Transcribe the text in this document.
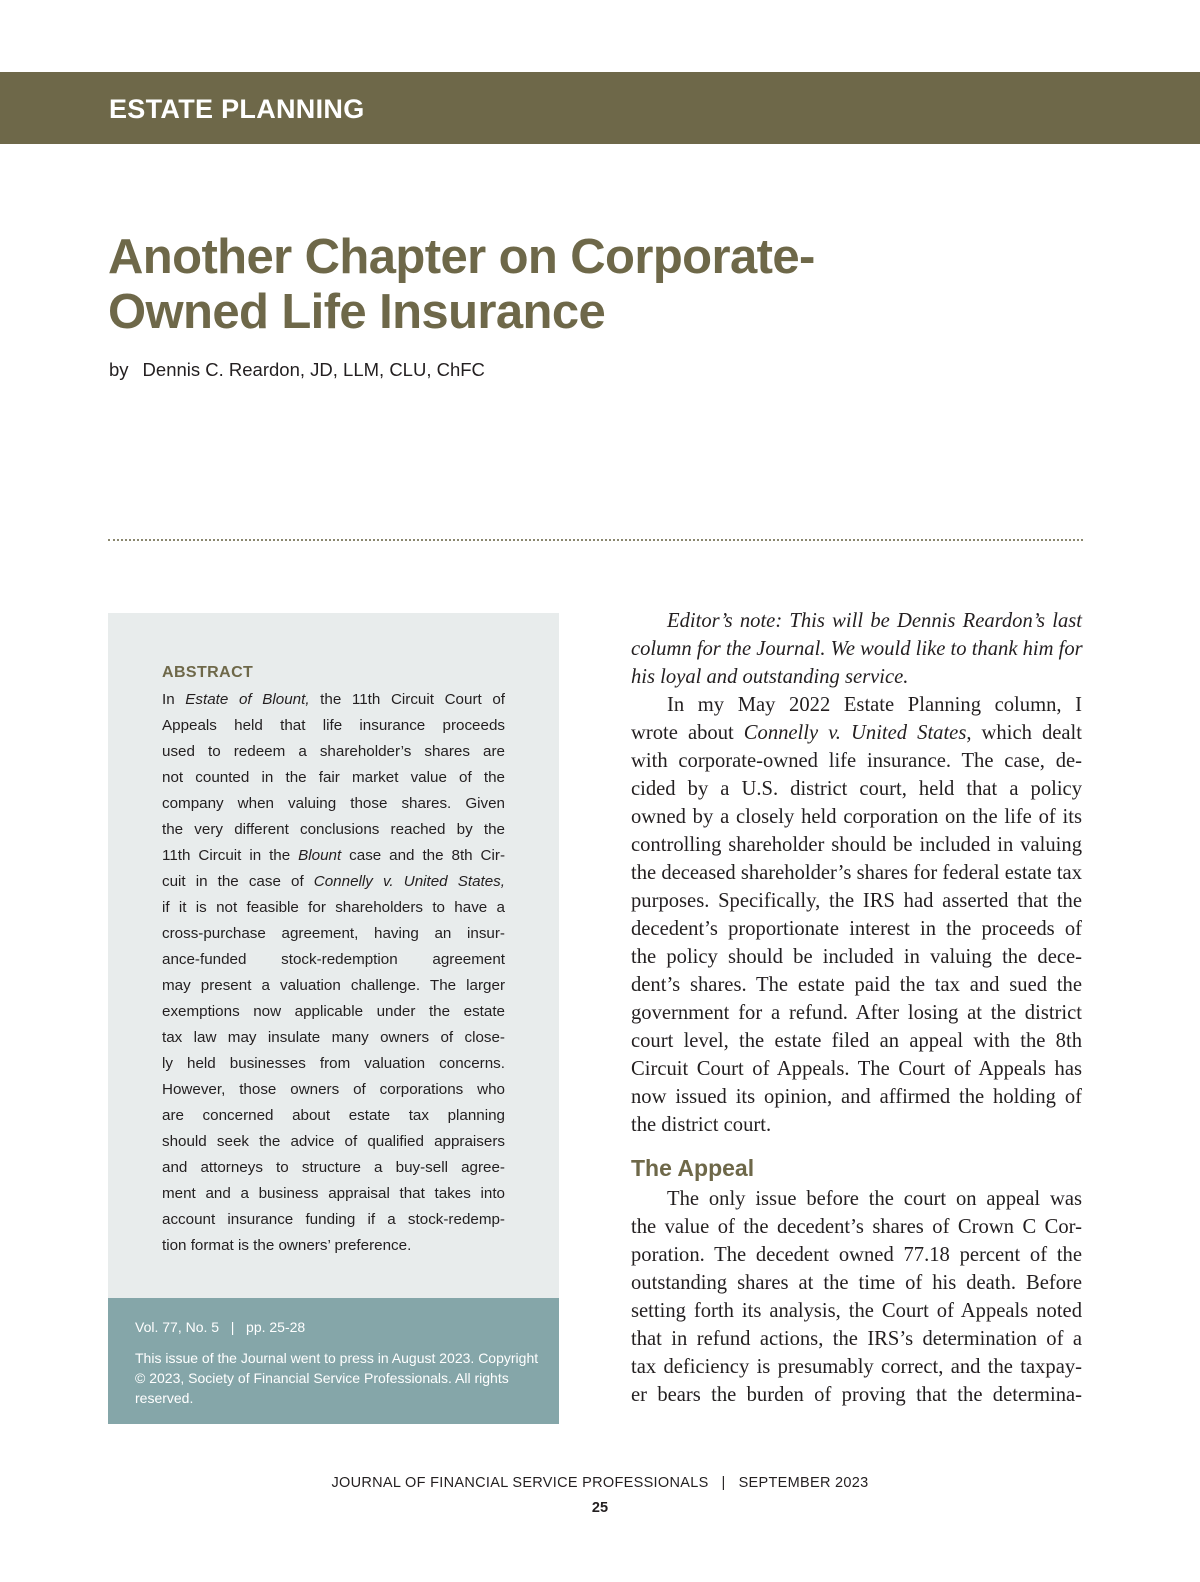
ESTATE PLANNING
Another Chapter on Corporate-
Owned Life Insurance
by Dennis C. Reardon, JD, LLM, CLU, ChFC
ABSTRACT
In Estate of Blount, the 11th Circuit Court of
Appeals held that life insurance proceeds
used to redeem a shareholder’s shares are
not counted in the fair market value of the
company when valuing those shares. Given
the very different conclusions reached by the
11th Circuit in the Blount case and the 8th Cir-
cuit in the case of Connelly v. United States,
if it is not feasible for shareholders to have a
cross-purchase agreement, having an insur-
ance-funded stock-redemption agreement
may present a valuation challenge. The larger
exemptions now applicable under the estate
tax law may insulate many owners of close-
ly held businesses from valuation concerns.
However, those owners of corporations who
are concerned about estate tax planning
should seek the advice of qualified appraisers
and attorneys to structure a buy-sell agree-
ment and a business appraisal that takes into
account insurance funding if a stock-redemp-
tion format is the owners’ preference.
Vol. 77, No. 5   |   pp. 25-28
This issue of the Journal went to press in August 2023. Copyright © 2023, Society of Financial Service Professionals. All rights reserved.
Editor’s note: This will be Dennis Reardon’s last
column for the Journal. We would like to thank him for
his loyal and outstanding service.
In my May 2022 Estate Planning column, I
wrote about Connelly v. United States, which dealt
with corporate-owned life insurance. The case, de-
cided by a U.S. district court, held that a policy
owned by a closely held corporation on the life of its
controlling shareholder should be included in valuing
the deceased shareholder’s shares for federal estate tax
purposes. Specifically, the IRS had asserted that the
decedent’s proportionate interest in the proceeds of
the policy should be included in valuing the dece-
dent’s shares. The estate paid the tax and sued the
government for a refund. After losing at the district
court level, the estate filed an appeal with the 8th
Circuit Court of Appeals. The Court of Appeals has
now issued its opinion, and affirmed the holding of
the district court.
The Appeal
The only issue before the court on appeal was
the value of the decedent’s shares of Crown C Cor-
poration. The decedent owned 77.18 percent of the
outstanding shares at the time of his death. Before
setting forth its analysis, the Court of Appeals noted
that in refund actions, the IRS’s determination of a
tax deficiency is presumably correct, and the taxpay-
er bears the burden of proving that the determina-
JOURNAL OF FINANCIAL SERVICE PROFESSIONALS   |   SEPTEMBER 2023
25
